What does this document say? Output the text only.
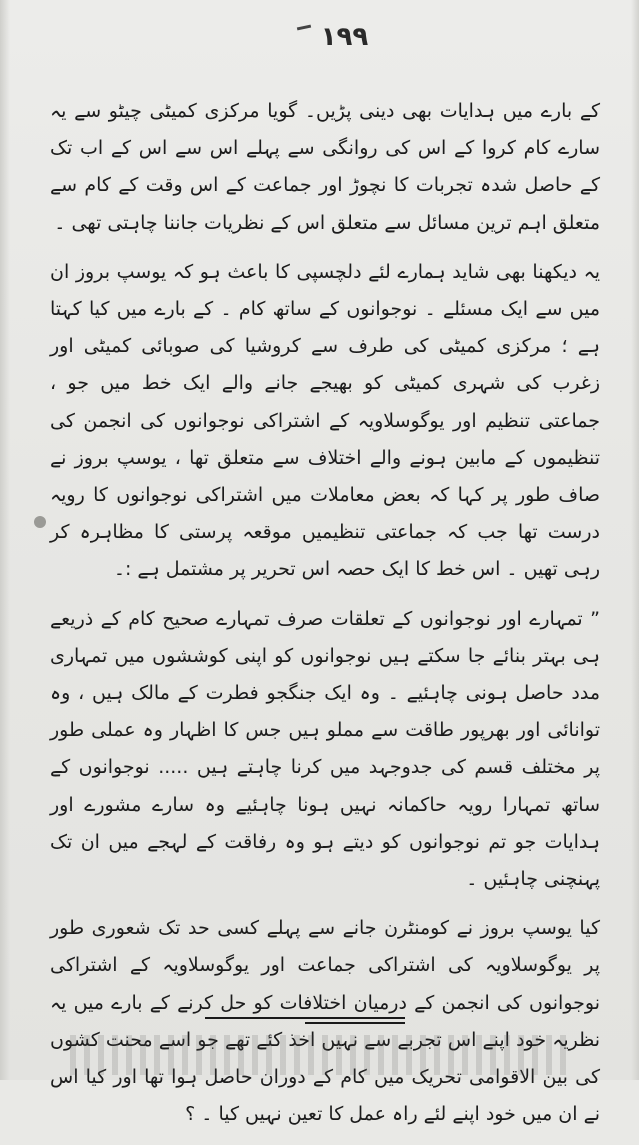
۱۹۹

کے بارے میں ہدایات بھی دینی پڑیں۔ گویا مرکزی کمیٹی چیٹو سے یہ سارے کام کروا کے اس کی روانگی سے پہلے اس سے اس کے اب تک کے حاصل شدہ تجربات کا نچوڑ اور جماعت کے اس وقت کے کام سے متعلق اہم ترین مسائل سے متعلق اس کے نظریات جاننا چاہتی تھی ۔

یہ دیکھنا بھی شاید ہمارے لئے دلچسپی کا باعث ہو کہ یوسپ بروز ان میں سے ایک مسئلے ۔ نوجوانوں کے ساتھ کام ۔ کے بارے میں کیا کہتا ہے ؛ مرکزی کمیٹی کی طرف سے کروشیا کی صوبائی کمیٹی اور زغرب کی شہری کمیٹی کو بھیجے جانے والے ایک خط میں جو ، جماعتی تنظیم اور یوگوسلاویہ کے اشتراکی نوجوانوں کی انجمن کی تنظیموں کے مابین ہونے والے اختلاف سے متعلق تھا ، یوسپ بروز نے صاف طور پر کہا کہ بعض معاملات میں اشتراکی نوجوانوں کا رویہ درست تھا جب کہ جماعتی تنظیمیں موقعہ پرستی کا مظاہرہ کر رہی تھیں ۔ اس خط کا ایک حصہ اس تحریر پر مشتمل ہے :۔

” تمہارے اور نوجوانوں کے تعلقات صرف تمہارے صحیح کام کے ذریعے ہی بہتر بنائے جا سکتے ہیں نوجوانوں کو اپنی کوششوں میں تمہاری مدد حاصل ہونی چاہئیے ۔ وہ ایک جنگجو فطرت کے مالک ہیں ، وہ توانائی اور بھرپور طاقت سے مملو ہیں جس کا اظہار وہ عملی طور پر مختلف قسم کی جدوجہد میں کرنا چاہتے ہیں ..... نوجوانوں کے ساتھ تمہارا رویہ حاکمانہ نہیں ہونا چاہئیے وہ سارے مشورے اور ہدایات جو تم نوجوانوں کو دیتے ہو وہ رفاقت کے لہجے میں ان تک پہنچنی چاہئیں ۔

کیا یوسپ بروز نے کومنٹرن جانے سے پہلے کسی حد تک شعوری طور پر یوگوسلاویہ کی اشتراکی جماعت اور یوگوسلاویہ کے اشتراکی نوجوانوں کی انجمن کے درمیان اختلافات کو حل کرنے کے بارے میں یہ نظریہ خود اپنے اس تجربے سے نہیں اخذ کئے تھے جو اسے محنت کشوں کی بین الاقوامی تحریک میں کام کے دوران حاصل ہوا تھا اور کیا اس نے ان میں خود اپنے لئے راہ عمل کا تعین نہیں کیا ۔ ؟
